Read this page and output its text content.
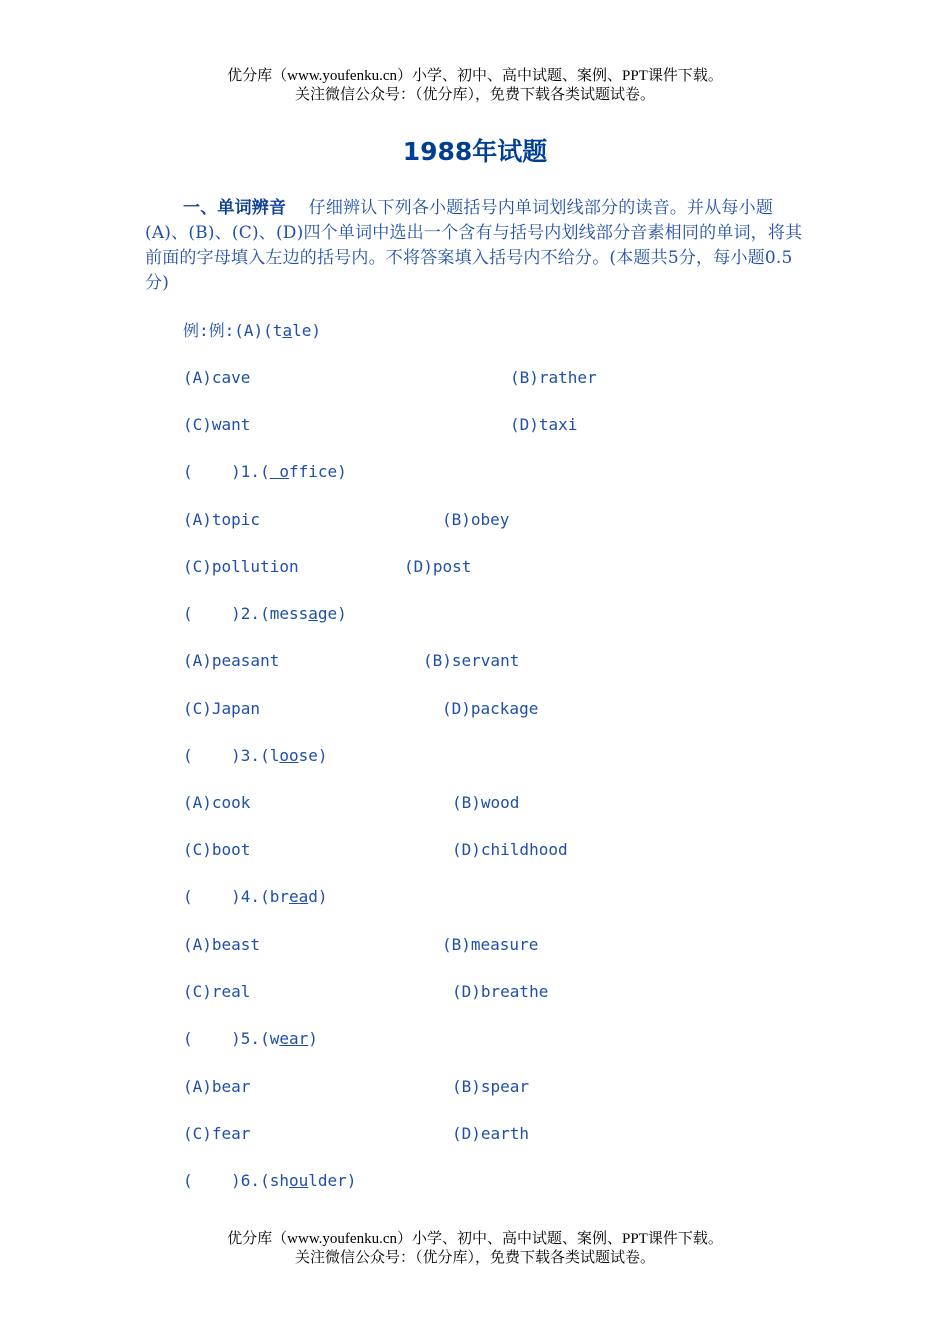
优分库（www.youfenku.cn）小学、初中、高中试题、案例、PPT课件下载。
关注微信公众号：（优分库），免费下载各类试题试卷。
1988年试题
一、单词辨音 仔细辨认下列各小题括号内单词划线部分的读音。并从每小题(A)、(B)、(C)、(D)四个单词中选出一个含有与括号内划线部分音素相同的单词，将其前面的字母填入左边的括号内。不将答案填入括号内不给分。(本题共5分，每小题0.5分)
例:例:(A)(tale)
(A)cave	(B)rather
(C)want	(D)taxi
(    )1.( office)
(A)topic	(B)obey
(C)pollution	(D)post
(    )2.(message)
(A)peasant	(B)servant
(C)Japan	(D)package
(    )3.(loose)
(A)cook	(B)wood
(C)boot	(D)childhood
(    )4.(bread)
(A)beast	(B)measure
(C)real	(D)breathe
(    )5.(wear)
(A)bear	(B)spear
(C)fear	(D)earth
(    )6.(shoulder)
优分库（www.youfenku.cn）小学、初中、高中试题、案例、PPT课件下载。
关注微信公众号：（优分库），免费下载各类试题试卷。
